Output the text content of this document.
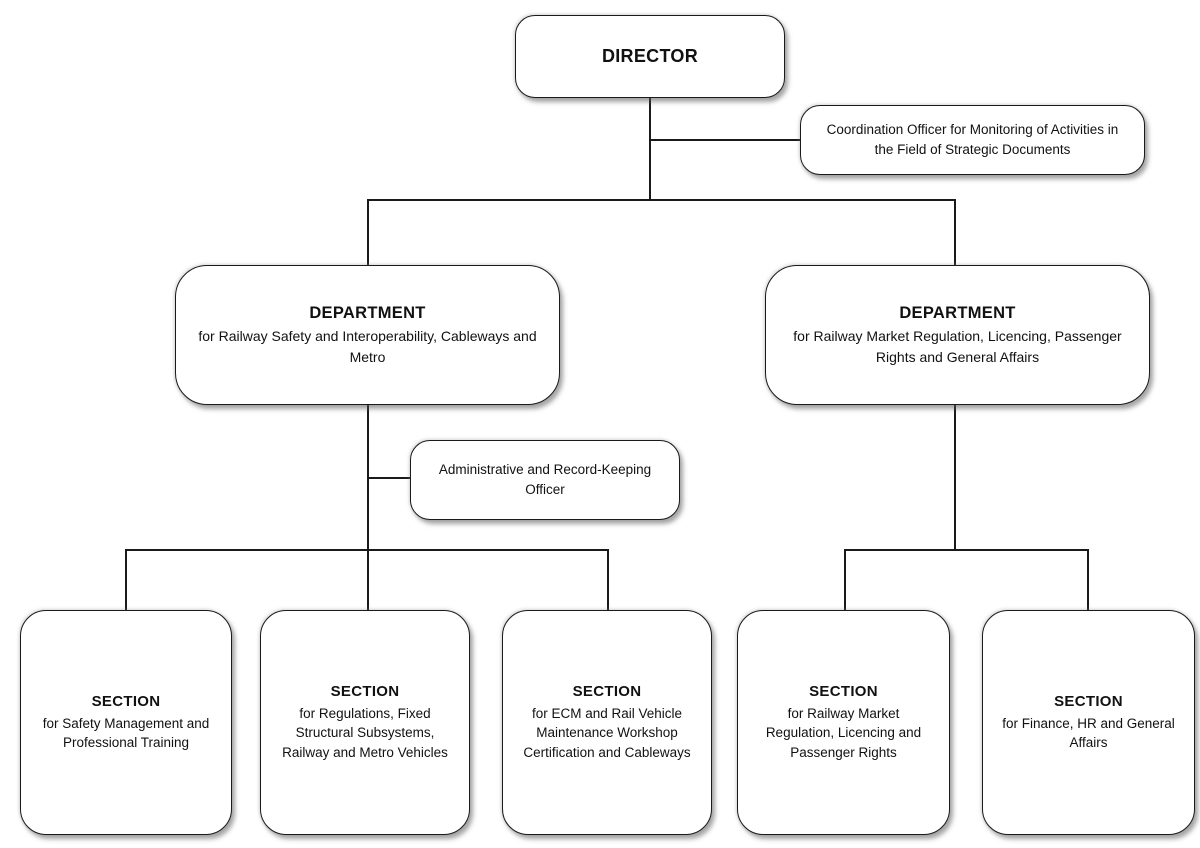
DIRECTOR
Coordination Officer for Monitoring of Activities in the Field of Strategic Documents
DEPARTMENT
for Railway Safety and Interoperability, Cableways and Metro
DEPARTMENT
for Railway Market Regulation, Licencing, Passenger Rights and General Affairs
Administrative and Record-Keeping Officer
SECTION
for Safety Management and Professional Training
SECTION
for Regulations, Fixed Structural Subsystems, Railway and Metro Vehicles
SECTION
for ECM and Rail Vehicle Maintenance Workshop Certification and Cableways
SECTION
for Railway Market Regulation, Licencing and Passenger Rights
SECTION
for Finance, HR and General Affairs
